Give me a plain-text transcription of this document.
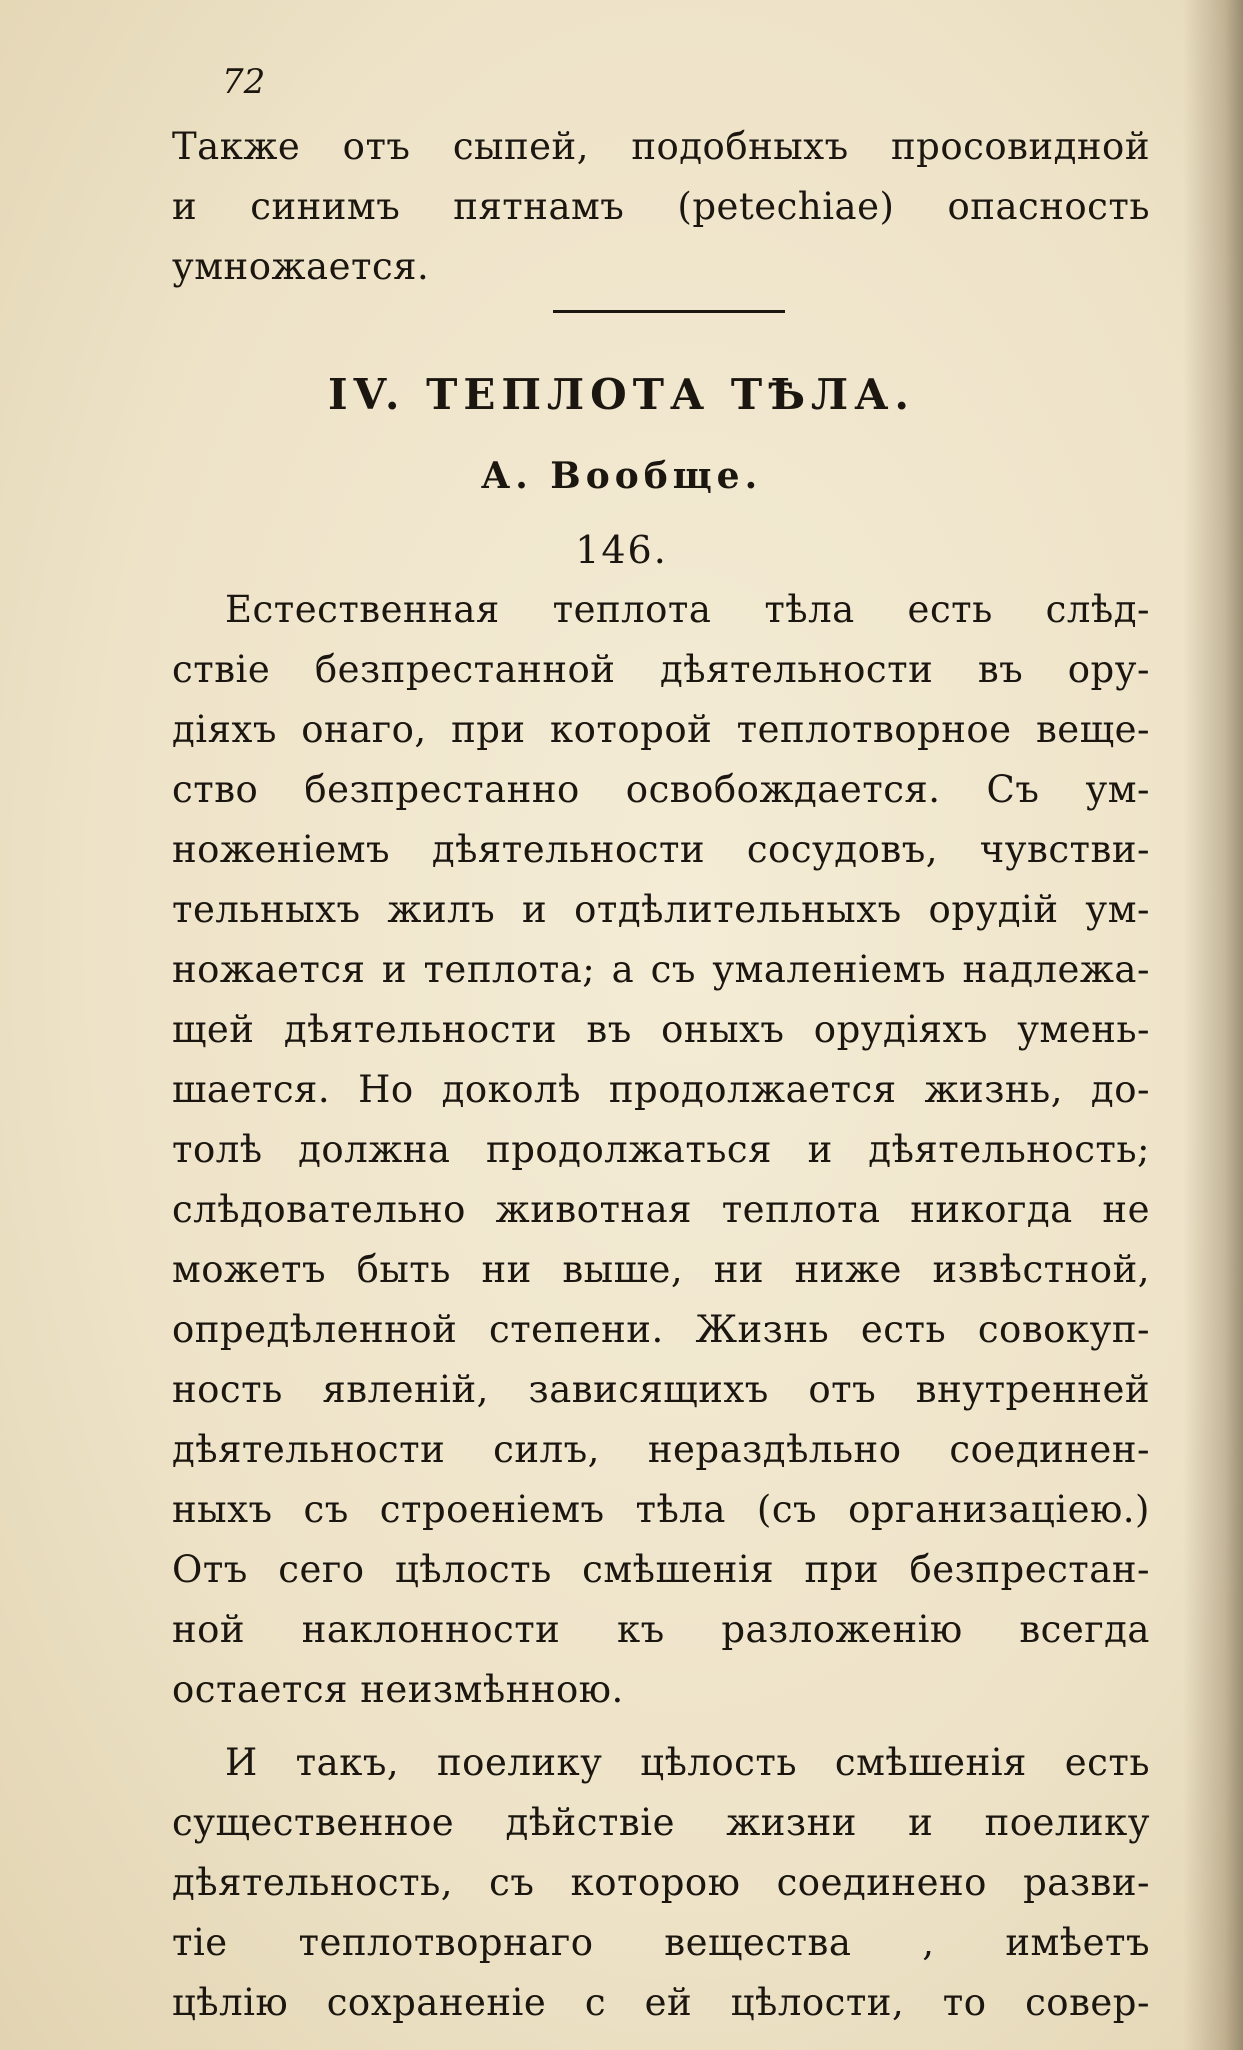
72
Также отъ сыпей, подобныхъ просовидной
и синимъ пятнамъ (petechiae) опасность
умножается.
IV. ТЕПЛОТА ТѢЛА.
А. Вообще.
146.
Естественная теплота тѣла есть слѣд-
ствіе безпрестанной дѣятельности въ ору-
діяхъ онаго, при которой теплотворное веще-
ство безпрестанно освобождается. Съ ум-
ноженіемъ дѣятельности сосудовъ, чувстви-
тельныхъ жилъ и отдѣлительныхъ орудій ум-
ножается и теплота; а съ умаленіемъ надлежа-
щей дѣятельности въ оныхъ орудіяхъ умень-
шается. Но доколѣ продолжается жизнь, до-
толѣ должна продолжаться и дѣятельность;
слѣдовательно животная теплота никогда не
можетъ быть ни выше, ни ниже извѣстной,
опредѣленной степени. Жизнь есть совокуп-
ность явленій, зависящихъ отъ внутренней
дѣятельности силъ, нераздѣльно соединен-
ныхъ съ строеніемъ тѣла (съ организаціею.)
Отъ сего цѣлость смѣшенія при безпрестан-
ной наклонности къ разложенію всегда
остается неизмѣнною.
И такъ, поелику цѣлость смѣшенія есть
существенное дѣйствіе жизни и поелику
дѣятельность, съ которою соединено разви-
тіе теплотворнаго вещества , имѣетъ
цѣлію сохраненіе с ей цѣлости, то совер-
